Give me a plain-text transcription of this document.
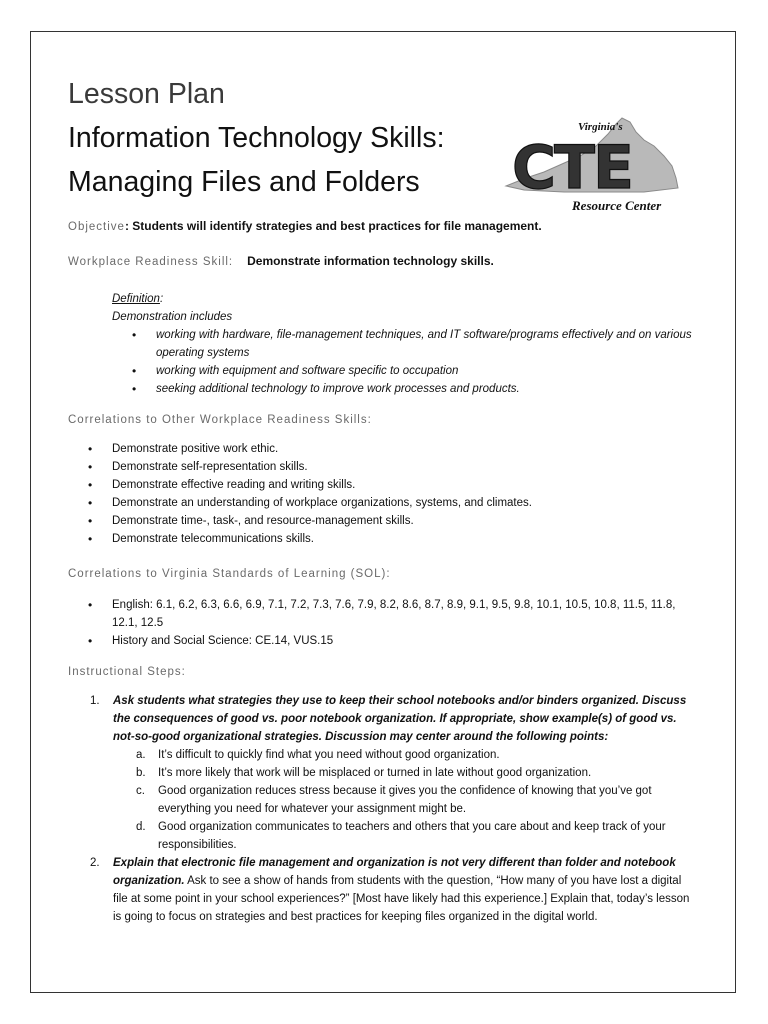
Lesson Plan
Information Technology Skills:
Managing Files and Folders
Virginia's
CTE
Resource Center
Objective: Students will identify strategies and best practices for file management.
Workplace Readiness Skill: Demonstrate information technology skills.
Definition:
Demonstration includes
• working with hardware, file-management techniques, and IT software/programs effectively and on various operating systems
• working with equipment and software specific to occupation
• seeking additional technology to improve work processes and products.
Correlations to Other Workplace Readiness Skills:
• Demonstrate positive work ethic.
• Demonstrate self-representation skills.
• Demonstrate effective reading and writing skills.
• Demonstrate an understanding of workplace organizations, systems, and climates.
• Demonstrate time-, task-, and resource-management skills.
• Demonstrate telecommunications skills.
Correlations to Virginia Standards of Learning (SOL):
• English: 6.1, 6.2, 6.3, 6.6, 6.9, 7.1, 7.2, 7.3, 7.6, 7.9, 8.2, 8.6, 8.7, 8.9, 9.1, 9.5, 9.8, 10.1, 10.5, 10.8, 11.5, 11.8, 12.1, 12.5
• History and Social Science: CE.14, VUS.15
Instructional Steps:
1. Ask students what strategies they use to keep their school notebooks and/or binders organized. Discuss the consequences of good vs. poor notebook organization. If appropriate, show example(s) of good vs. not-so-good organizational strategies. Discussion may center around the following points:
a. It’s difficult to quickly find what you need without good organization.
b. It’s more likely that work will be misplaced or turned in late without good organization.
c. Good organization reduces stress because it gives you the confidence of knowing that you’ve got everything you need for whatever your assignment might be.
d. Good organization communicates to teachers and others that you care about and keep track of your responsibilities.
2. Explain that electronic file management and organization is not very different than folder and notebook organization. Ask to see a show of hands from students with the question, “How many of you have lost a digital file at some point in your school experiences?” [Most have likely had this experience.] Explain that, today’s lesson is going to focus on strategies and best practices for keeping files organized in the digital world.
